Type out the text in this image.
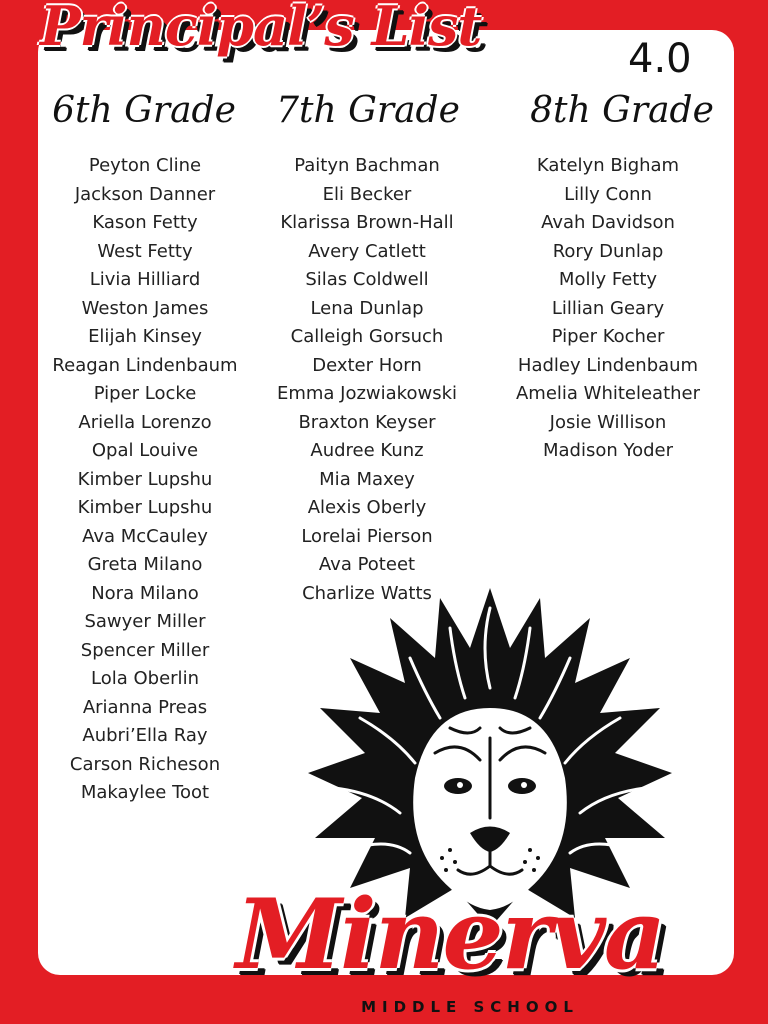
Principal’s List
4.0
6th Grade	7th Grade	8th Grade
Peyton Cline
Jackson Danner
Kason Fetty
West Fetty
Livia Hilliard
Weston James
Elijah Kinsey
Reagan Lindenbaum
Piper Locke
Ariella Lorenzo
Opal Louive
Kimber Lupshu
Kimber Lupshu
Ava McCauley
Greta Milano
Nora Milano
Sawyer Miller
Spencer Miller
Lola Oberlin
Arianna Preas
Aubri’Ella Ray
Carson Richeson
Makaylee Toot
Paityn Bachman
Eli Becker
Klarissa Brown-Hall
Avery Catlett
Silas Coldwell
Lena Dunlap
Calleigh Gorsuch
Dexter Horn
Emma Jozwiakowski
Braxton Keyser
Audree Kunz
Mia Maxey
Alexis Oberly
Lorelai Pierson
Ava Poteet
Charlize Watts
Katelyn Bigham
Lilly Conn
Avah Davidson
Rory Dunlap
Molly Fetty
Lillian Geary
Piper Kocher
Hadley Lindenbaum
Amelia Whiteleather
Josie Willison
Madison Yoder
Minerva
MIDDLE SCHOOL
